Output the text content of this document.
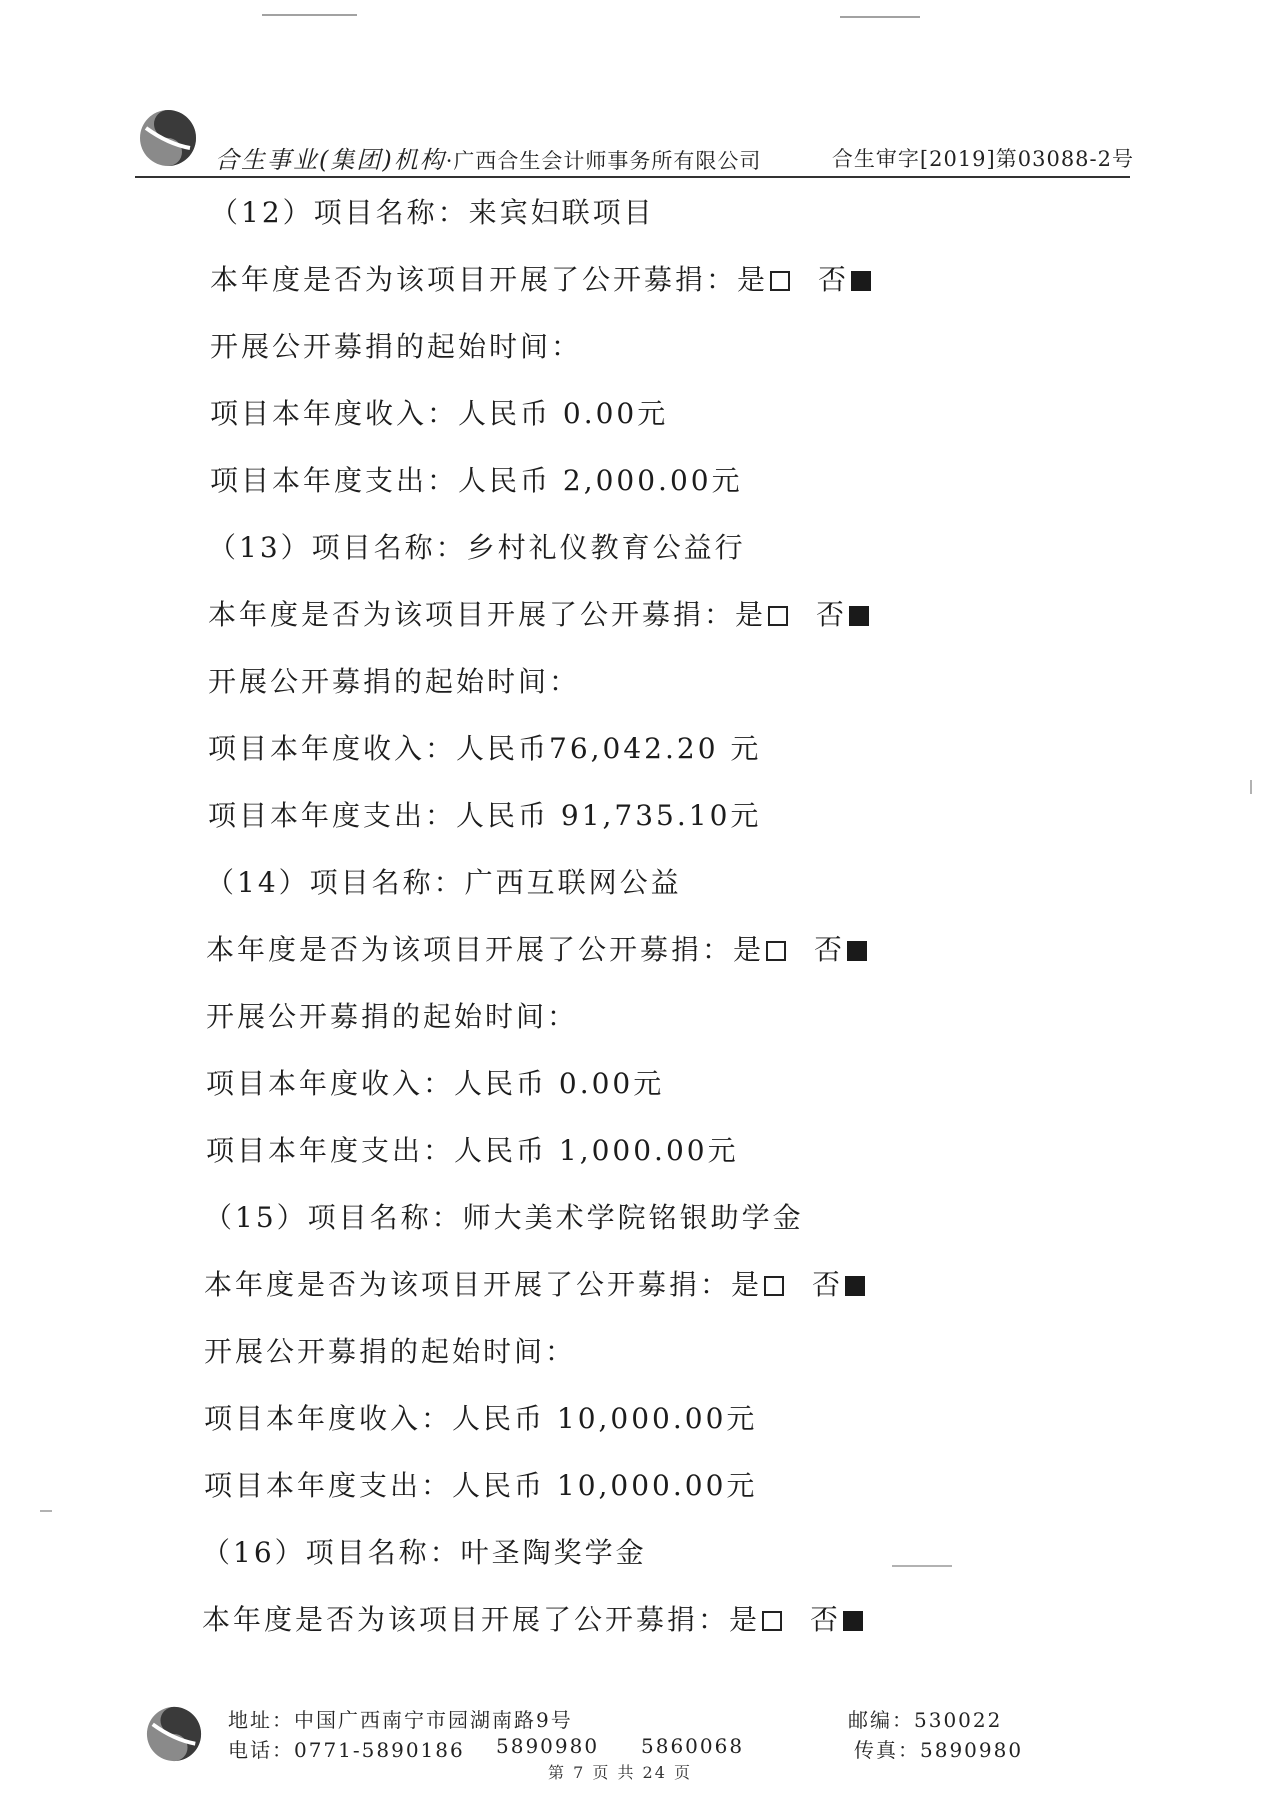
合生事业(集团)机构·广西合生会计师事务所有限公司	合生审字[2019]第03088-2号
（12）项目名称：来宾妇联项目
本年度是否为该项目开展了公开募捐：是 否
开展公开募捐的起始时间：
项目本年度收入：人民币 0.00元
项目本年度支出：人民币 2,000.00元
（13）项目名称：乡村礼仪教育公益行
本年度是否为该项目开展了公开募捐：是 否
开展公开募捐的起始时间：
项目本年度收入：人民币76,042.20 元
项目本年度支出：人民币 91,735.10元
（14）项目名称：广西互联网公益
本年度是否为该项目开展了公开募捐：是 否
开展公开募捐的起始时间：
项目本年度收入：人民币 0.00元
项目本年度支出：人民币 1,000.00元
（15）项目名称：师大美术学院铭银助学金
本年度是否为该项目开展了公开募捐：是 否
开展公开募捐的起始时间：
项目本年度收入：人民币 10,000.00元
项目本年度支出：人民币 10,000.00元
（16）项目名称：叶圣陶奖学金
本年度是否为该项目开展了公开募捐：是 否
地址：中国广西南宁市园湖南路9号	邮编：530022
电话：0771-5890186 5890980 5860068	传真：5890980
第 7 页 共 24 页
